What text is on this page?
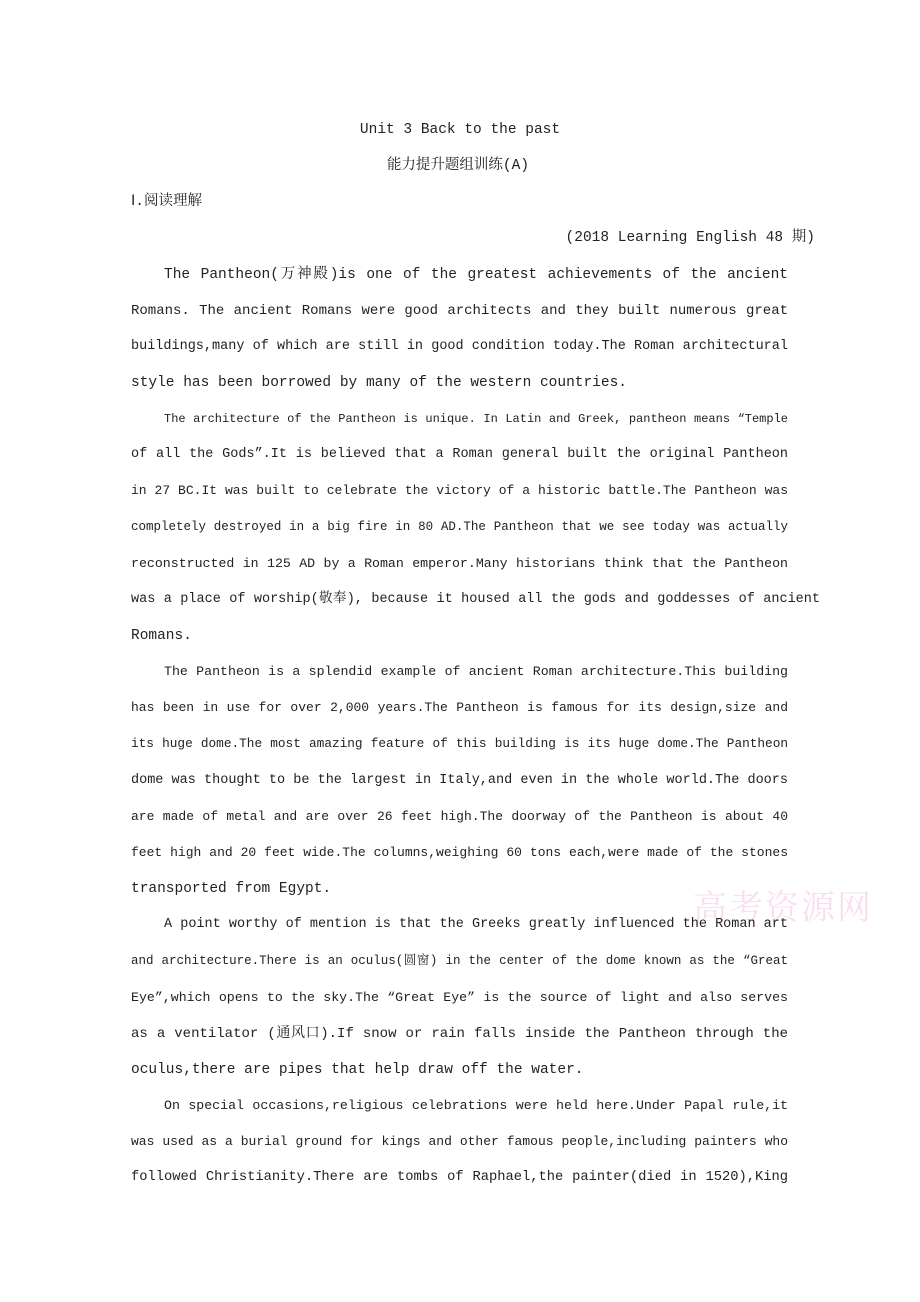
Unit 3 Back to the past
能力提升题组训练(A)
Ⅰ.阅读理解
(2018 Learning English 48 期)
高考资源网
The Pantheon(万神殿)is one of the greatest achievements of the ancient
Romans. The ancient Romans were good architects and they built numerous great
buildings,many of which are still in good condition today.The Roman architectural
style has been borrowed by many of the western countries.
The architecture of the Pantheon is unique. In Latin and Greek, pantheon means “Temple
of all the Gods”.It is believed that a Roman general built the original Pantheon
in 27 BC.It was built to celebrate the victory of a historic battle.The Pantheon was
completely destroyed in a big fire in 80 AD.The Pantheon that we see today was actually
reconstructed in 125 AD by a Roman emperor.Many historians think that the Pantheon
was a place of worship(敬奉), because it housed all the gods and goddesses of ancient
Romans.
The Pantheon is a splendid example of ancient Roman architecture.This building
has been in use for over 2,000 years.The Pantheon is famous for its design,size and
its huge dome.The most amazing feature of this building is its huge dome.The Pantheon
dome was thought to be the largest in Italy,and even in the whole world.The doors
are made of metal and are over 26 feet high.The doorway of the Pantheon is about 40
feet high and 20 feet wide.The columns,weighing 60 tons each,were made of the stones
transported from Egypt.
A point worthy of mention is that the Greeks greatly influenced the Roman art
and architecture.There is an oculus(圆窗) in the center of the dome known as the “Great
Eye”,which opens to the sky.The “Great Eye” is the source of light and also serves
as a ventilator (通风口).If snow or rain falls inside the Pantheon through the
oculus,there are pipes that help draw off the water.
On special occasions,religious celebrations were held here.Under Papal rule,it
was used as a burial ground for kings and other famous people,including painters who
followed Christianity.There are tombs of Raphael,the painter(died in 1520),King
